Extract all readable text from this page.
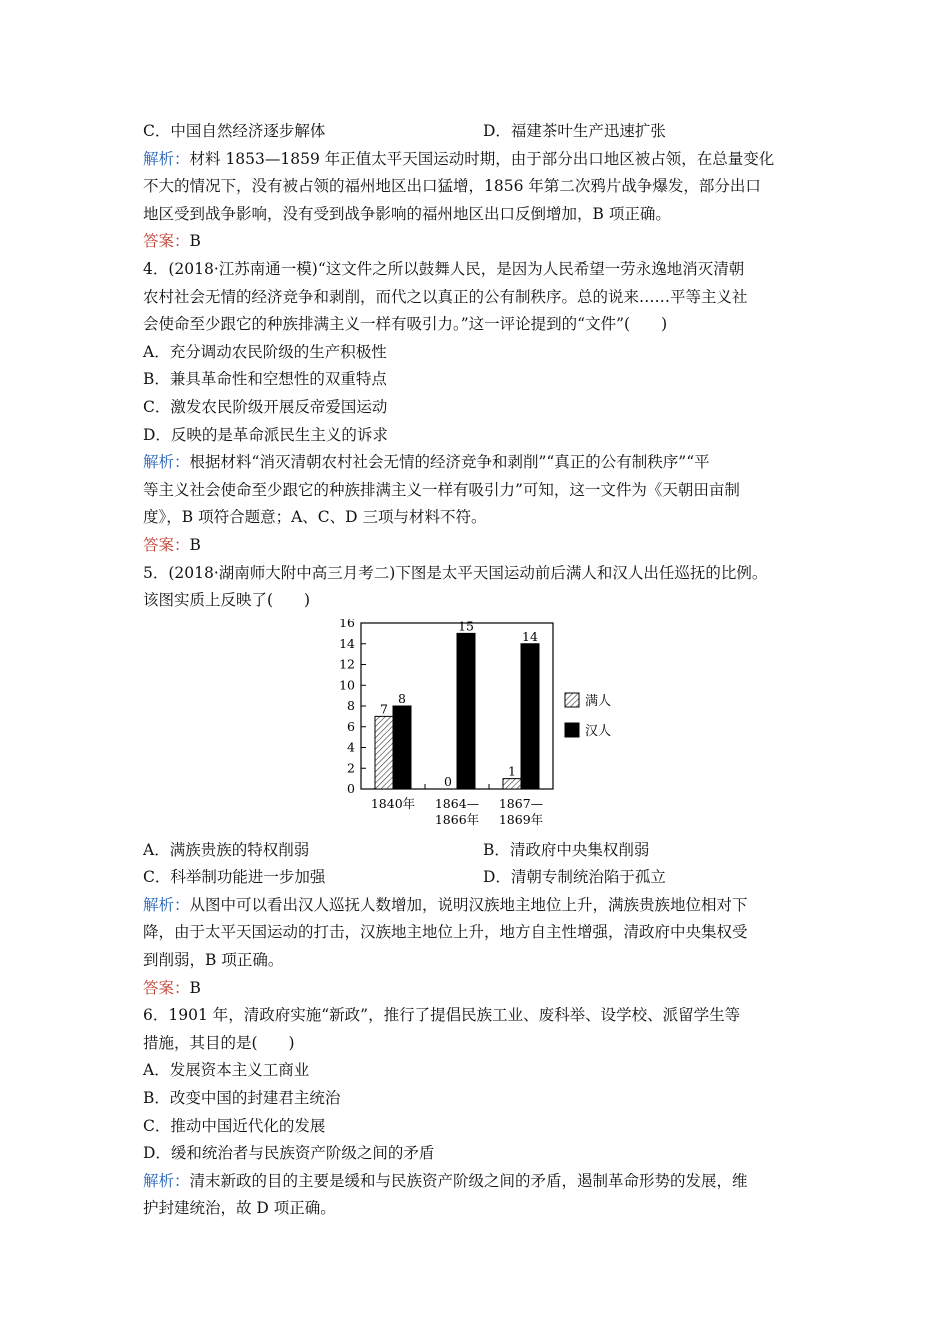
C．中国自然经济逐步解体	D．福建茶叶生产迅速扩张
解析：材料 1853—1859 年正值太平天国运动时期，由于部分出口地区被占领，在总量变化
不大的情况下，没有被占领的福州地区出口猛增，1856 年第二次鸦片战争爆发，部分出口
地区受到战争影响，没有受到战争影响的福州地区出口反倒增加，B 项正确。
答案：B
4．(2018·江苏南通一模)“这文件之所以鼓舞人民，是因为人民希望一劳永逸地消灭清朝
农村社会无情的经济竞争和剥削，而代之以真正的公有制秩序。总的说来……平等主义社
会使命至少跟它的种族排满主义一样有吸引力。”这一评论提到的“文件”(　　)
A．充分调动农民阶级的生产积极性
B．兼具革命性和空想性的双重特点
C．激发农民阶级开展反帝爱国运动
D．反映的是革命派民生主义的诉求
解析：根据材料“消灭清朝农村社会无情的经济竞争和剥削”“真正的公有制秩序”“平
等主义社会使命至少跟它的种族排满主义一样有吸引力”可知，这一文件为《天朝田亩制
度》，B 项符合题意；A、C、D 三项与材料不符。
答案：B
5．(2018·湖南师大附中高三月考二)下图是太平天国运动前后满人和汉人出任巡抚的比例。
该图实质上反映了(　　)
0
2
4
6
8
10
12
14
16
7
8
1840年
0
15
1864—
1866年
1
14
1867—
1869年
满人
汉人
A．满族贵族的特权削弱	B．清政府中央集权削弱
C．科举制功能进一步加强	D．清朝专制统治陷于孤立
解析：从图中可以看出汉人巡抚人数增加，说明汉族地主地位上升，满族贵族地位相对下
降，由于太平天国运动的打击，汉族地主地位上升，地方自主性增强，清政府中央集权受
到削弱，B 项正确。
答案：B
6．1901 年，清政府实施“新政”，推行了提倡民族工业、废科举、设学校、派留学生等
措施，其目的是(　　)
A．发展资本主义工商业
B．改变中国的封建君主统治
C．推动中国近代化的发展
D．缓和统治者与民族资产阶级之间的矛盾
解析：清末新政的目的主要是缓和与民族资产阶级之间的矛盾，遏制革命形势的发展，维
护封建统治，故 D 项正确。
